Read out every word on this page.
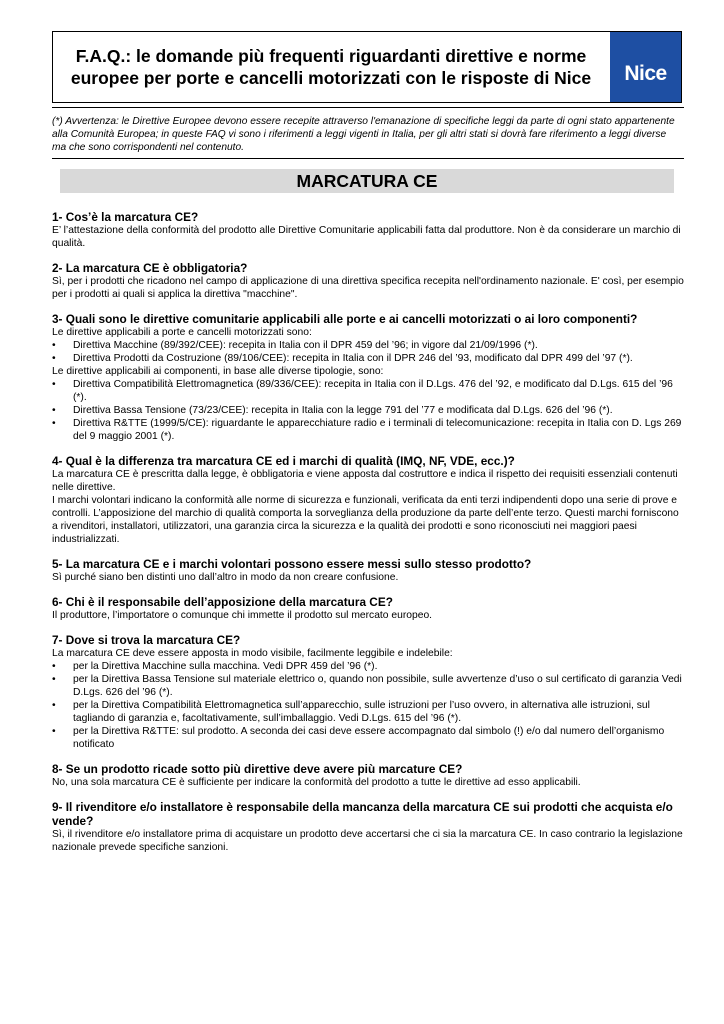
F.A.Q.: le domande più frequenti riguardanti direttive e norme
europee per porte e cancelli motorizzati con le risposte di Nice Nice
(*) Avvertenza: le Direttive Europee devono essere recepite attraverso l'emanazione di specifiche leggi da parte di ogni stato appartenente alla Comunità Europea; in queste FAQ vi sono i riferimenti a leggi vigenti in Italia, per gli altri stati si dovrà fare riferimento a leggi diverse ma che sono corrispondenti nel contenuto.
MARCATURA CE
1- Cos’è la marcatura CE?

E’ l’attestazione della conformità del prodotto alle Direttive Comunitarie applicabili fatta dal produttore. Non è da considerare un marchio di qualità.

2- La marcatura CE è obbligatoria?

Sì, per i prodotti che ricadono nel campo di applicazione di una direttiva specifica recepita nell'ordinamento nazionale. E' così, per esempio per i prodotti ai quali si applica la direttiva "macchine".

3- Quali sono le direttive comunitarie applicabili alle porte e ai cancelli motorizzati o ai loro componenti?

Le direttive applicabili a porte e cancelli motorizzati sono:

• Direttiva Macchine (89/392/CEE): recepita in Italia con il DPR 459 del ’96; in vigore dal 21/09/1996 (*).
• Direttiva Prodotti da Costruzione (89/106/CEE): recepita in Italia con il DPR 246 del ’93, modificato dal DPR 499 del ’97 (*).

Le direttive applicabili ai componenti, in base alle diverse tipologie, sono:

• Direttiva Compatibilità Elettromagnetica (89/336/CEE): recepita in Italia con il D.Lgs. 476 del ’92, e modificato dal D.Lgs. 615 del ’96 (*).
• Direttiva Bassa Tensione (73/23/CEE): recepita in Italia con la legge 791 del ’77 e modificata dal D.Lgs. 626 del ’96 (*).
• Direttiva R&TTE (1999/5/CE): riguardante le apparecchiature radio e i terminali di telecomunicazione: recepita in Italia con D. Lgs 269 del 9 maggio 2001 (*).
4- Qual è la differenza tra marcatura CE ed i marchi di qualità (IMQ, NF, VDE, ecc.)?

La marcatura CE è prescritta dalla legge, è obbligatoria e viene apposta dal costruttore e indica il rispetto dei requisiti essenziali contenuti nelle direttive.

I marchi volontari indicano la conformità alle norme di sicurezza e funzionali, verificata da enti terzi indipendenti dopo una serie di prove e controlli. L’apposizione del marchio di qualità comporta la sorveglianza della produzione da parte dell’ente terzo. Questi marchi forniscono a rivenditori, installatori, utilizzatori, una garanzia circa la sicurezza e la qualità dei prodotti e sono riconosciuti nei maggiori paesi industrializzati.

5- La marcatura CE e i marchi volontari possono essere messi sullo stesso prodotto?

Sì purché siano ben distinti uno dall’altro in modo da non creare confusione.

6- Chi è il responsabile dell’apposizione della marcatura CE?

Il produttore, l’importatore o comunque chi immette il prodotto sul mercato europeo.

7- Dove si trova la marcatura CE?

La marcatura CE deve essere apposta in modo visibile, facilmente leggibile e indelebile:

• per la Direttiva Macchine sulla macchina. Vedi DPR 459 del ’96 (*).
• per la Direttiva Bassa Tensione sul materiale elettrico o, quando non possibile, sulle avvertenze d’uso o sul certificato di garanzia Vedi D.Lgs. 626 del ’96 (*).
• per la Direttiva Compatibilità Elettromagnetica sull’apparecchio, sulle istruzioni per l’uso ovvero, in alternativa alle istruzioni, sul tagliando di garanzia e, facoltativamente, sull’imballaggio. Vedi D.Lgs. 615 del ’96 (*).
• per la Direttiva R&TTE: sul prodotto. A seconda dei casi deve essere accompagnato dal simbolo (!) e/o dal numero dell’organismo notificato
8- Se un prodotto ricade sotto più direttive deve avere più marcature CE?

No, una sola marcatura CE è sufficiente per indicare la conformità del prodotto a tutte le direttive ad esso applicabili.

9- Il rivenditore e/o installatore è responsabile della mancanza della marcatura CE sui prodotti che acquista e/o vende?

Sì, il rivenditore e/o installatore prima di acquistare un prodotto deve accertarsi che ci sia la marcatura CE. In caso contrario la legislazione nazionale prevede specifiche sanzioni.
